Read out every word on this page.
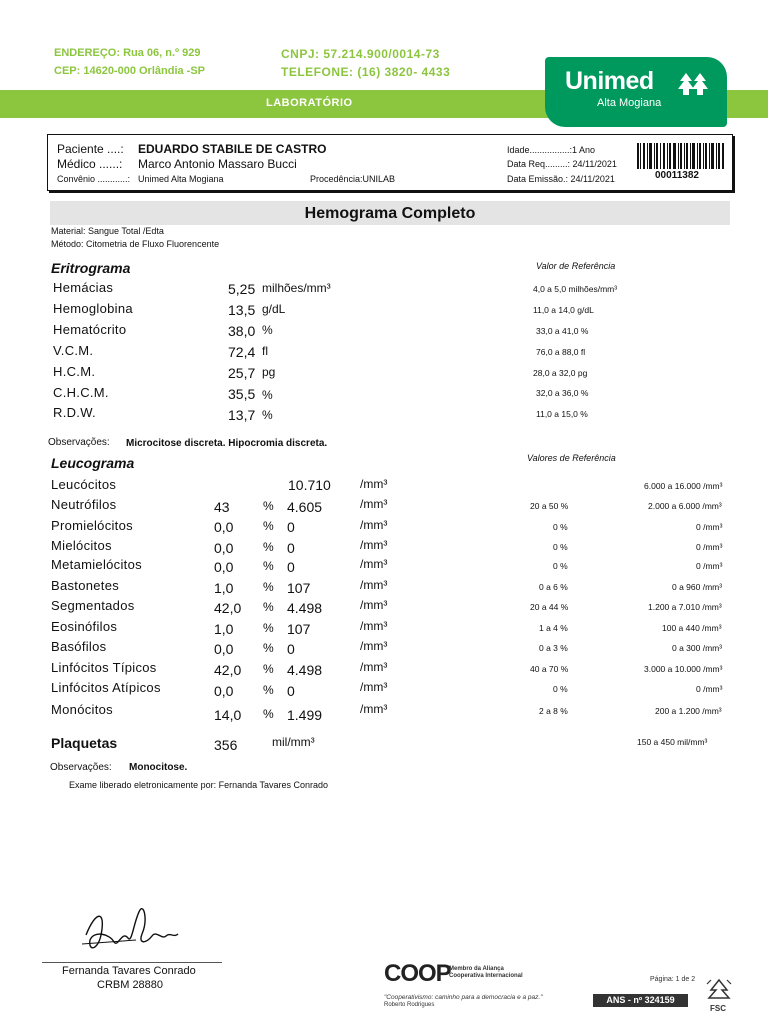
ENDEREÇO: Rua 06, n.º 929
CEP: 14620-000 Orlândia -SP
CNPJ: 57.214.900/0014-73
TELEFONE: (16) 3820- 4433
LABORATÓRIO
Unimed
Alta Mogiana
Paciente ....: EDUARDO STABILE DE CASTRO
Médico ......: Marco Antonio Massaro Bucci
Convênio ............: Unimed Alta Mogiana	Procedência:UNILAB
Idade................:1 Ano
Data Req.........: 24/11/2021
Data Emissão.: 24/11/2021	00011382
Hemograma Completo
Material: Sangue Total /Edta
Método: Citometria de Fluxo Fluorencente
Eritrograma	Valor de Referência
Hemácias	5,25 milhões/mm³	4,0 a 5,0 milhões/mm³
Hemoglobina	13,5 g/dL	11,0 a 14,0 g/dL
Hematócrito	38,0 %	33,0 a 41,0 %
V.C.M.	72,4 fl	76,0 a 88,0 fl
H.C.M.	25,7 pg	28,0 a 32,0 pg
C.H.C.M.	35,5 %	32,0 a 36,0 %
R.D.W.	13,7 %	11,0 a 15,0 %
Observações: Microcitose discreta. Hipocromia discreta.
Leucograma	Valores de Referência
Leucócitos	10.710 /mm³	6.000 a 16.000 /mm³
Neutrófilos	43	% 4.605	/mm³	20 a 50 %	2.000 a 6.000 /mm³
Promielócitos	0,0 % 0	/mm³	0 %	0 /mm³
Mielócitos	0,0 % 0	/mm³	0 %	0 /mm³
Metamielócitos	0,0 % 0	/mm³	0 %	0 /mm³
Bastonetes	1,0 % 107	/mm³	0 a 6 %	0 a 960 /mm³
Segmentados	42,0 % 4.498	/mm³	20 a 44 %	1.200 a 7.010 /mm³
Eosinófilos	1,0 % 107	/mm³	1 a 4 %	100 a 440 /mm³
Basófilos	0,0 % 0	/mm³	0 a 3 %	0 a 300 /mm³
Linfócitos Típicos	42,0 % 4.498	/mm³	40 a 70 %	3.000 a 10.000 /mm³
Linfócitos Atípicos	0,0 % 0	/mm³	0 %	0 /mm³
Monócitos	14,0 % 1.499	/mm³	2 a 8 %	200 a 1.200 /mm³
Plaquetas	356	mil/mm³	150 a 450 mil/mm³
Observações: Monocitose.
Exame liberado eletronicamente por: Fernanda Tavares Conrado
Fernanda Tavares Conrado
CRBM 28880	COOP
Membro da Aliança
Cooperativa Internacional
"Cooperativismo: caminho para a democracia e a paz."
Roberto Rodrigues
Página: 1 de 2
ANS - nº 324159
FSC
